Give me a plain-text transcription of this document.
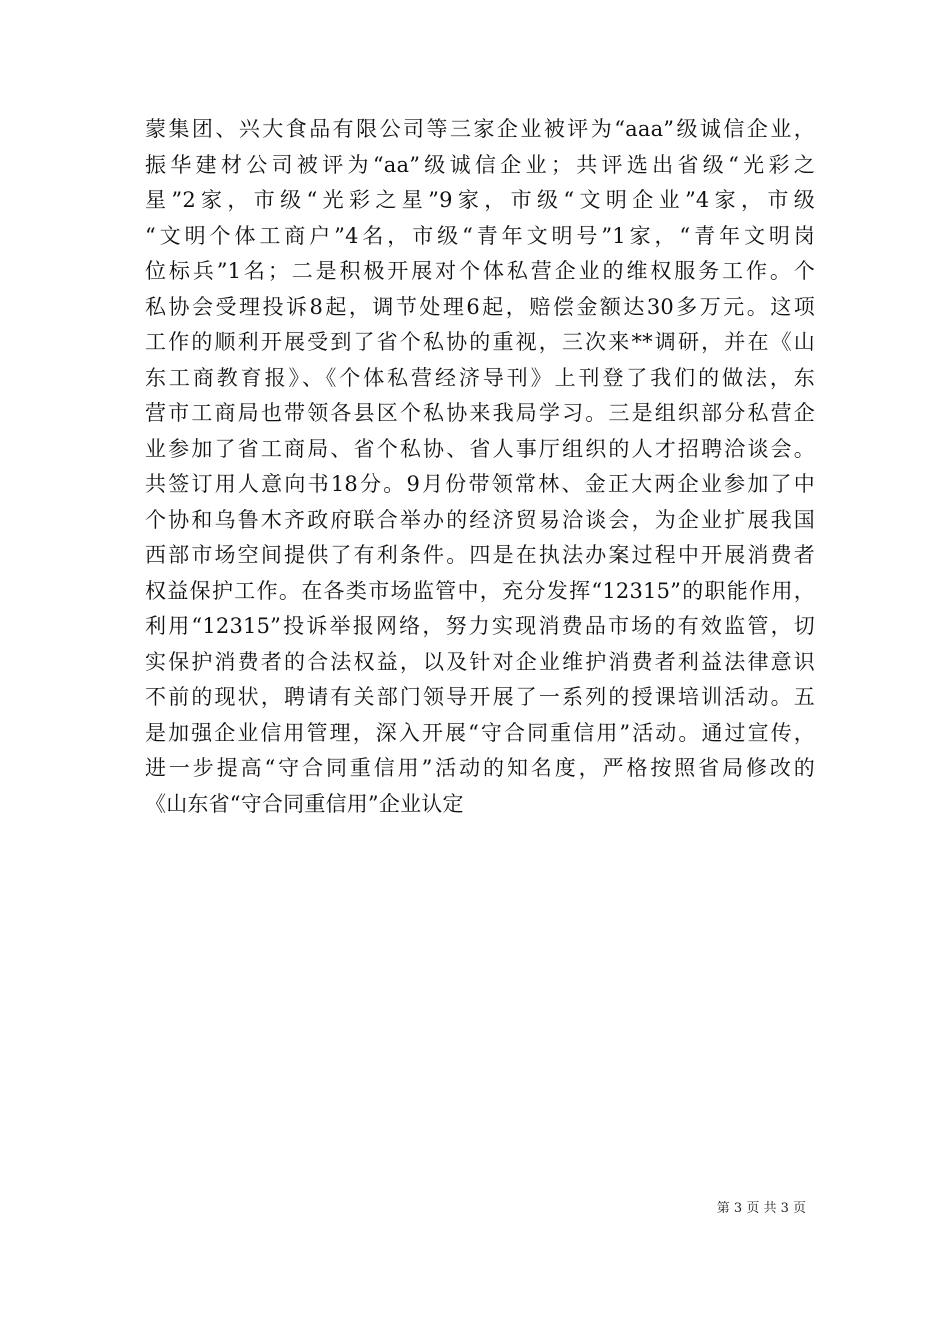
蒙集团、兴大食品有限公司等三家企业被评为“aaa”级诚信企业，
振华建材公司被评为“aa”级诚信企业；共评选出省级“光彩之
星”2家，市级“光彩之星”9家，市级“文明企业”4家，市级
“文明个体工商户”4名，市级“青年文明号”1家，“青年文明岗
位标兵”1名；二是积极开展对个体私营企业的维权服务工作。个
私协会受理投诉8起，调节处理6起，赔偿金额达30多万元。这项
工作的顺利开展受到了省个私协的重视，三次来**调研，并在《山
东工商教育报》、《个体私营经济导刊》上刊登了我们的做法，东
营市工商局也带领各县区个私协来我局学习。三是组织部分私营企
业参加了省工商局、省个私协、省人事厅组织的人才招聘洽谈会。
共签订用人意向书18分。9月份带领常林、金正大两企业参加了中
个协和乌鲁木齐政府联合举办的经济贸易洽谈会，为企业扩展我国
西部市场空间提供了有利条件。四是在执法办案过程中开展消费者
权益保护工作。在各类市场监管中，充分发挥“12315”的职能作用，
利用“12315”投诉举报网络，努力实现消费品市场的有效监管，切
实保护消费者的合法权益，以及针对企业维护消费者利益法律意识
不前的现状，聘请有关部门领导开展了一系列的授课培训活动。五
是加强企业信用管理，深入开展“守合同重信用”活动。通过宣传，
进一步提高“守合同重信用”活动的知名度，严格按照省局修改的
《山东省“守合同重信用”企业认定
第 3 页 共 3 页
